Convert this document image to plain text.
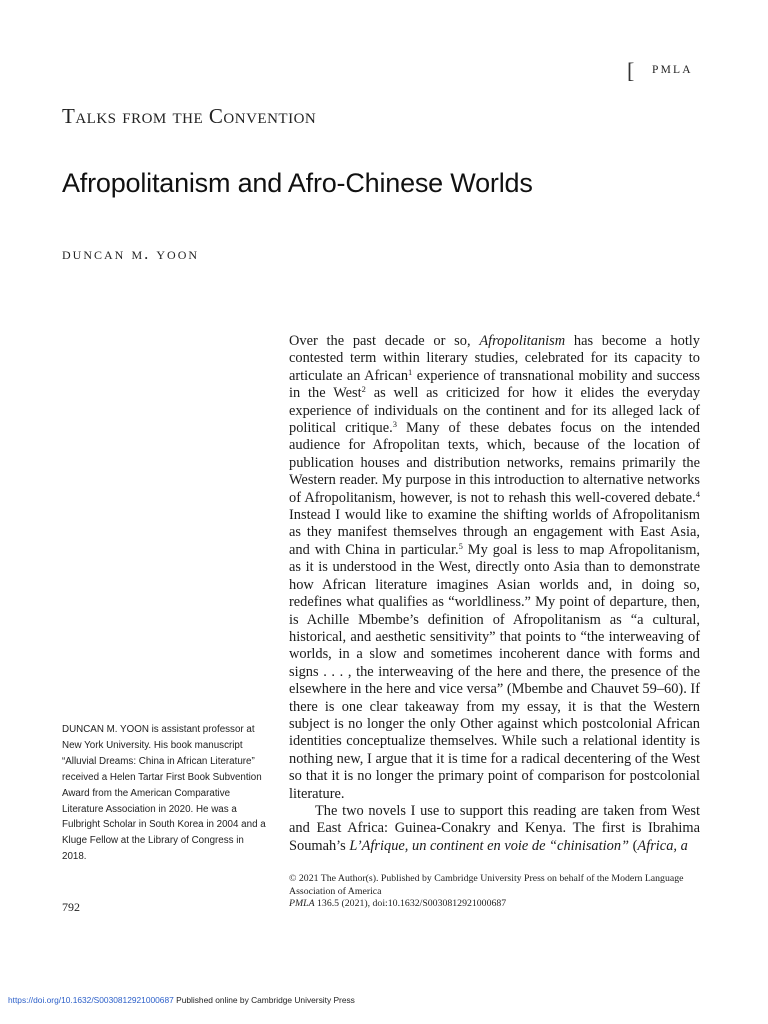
[ PMLA
Talks from the Convention
Afropolitanism and Afro-Chinese Worlds
duncan m. yoon

Over the past decade or so, Afropolitanism has become a hotly contested term within literary studies, celebrated for its capacity to articulate an African$^1$ experience of transnational mobility and success in the West$^2$ as well as criticized for how it elides the everyday experience of individuals on the continent and for its alleged lack of political critique.$^3$ Many of these debates focus on the intended audience for Afropolitan texts, which, because of the location of publication houses and distribution networks, remains primarily the Western reader. My purpose in this introduction to alternative networks of Afropolitanism, however, is not to rehash this well-covered debate.$^4$ Instead I would like to examine the shifting worlds of Afropolitanism as they manifest themselves through an engagement with East Asia, and with China in particular.$^5$ My goal is less to map Afropolitanism, as it is understood in the West, directly onto Asia than to demonstrate how African literature imagines Asian worlds and, in doing so, redefines what qualifies as “worldliness.” My point of departure, then, is Achille Mbembe’s definition of Afropolitanism as “a cultural, historical, and aesthetic sensitivity” that points to “the interweaving of worlds, in a slow and sometimes incoherent dance with forms and signs . . . , the interweaving of the here and there, the presence of the elsewhere in the here and vice versa” (Mbembe and Chauvet 59–60). If there is one clear takeaway from my essay, it is that the Western subject is no longer the only Other against which postcolonial African identities conceptualize themselves. While such a relational identity is nothing new, I argue that it is time for a radical decentering of the West so that it is no longer the primary point of comparison for postcolonial literature.

The two novels I use to support this reading are taken from West and East Africa: Guinea-Conakry and Kenya. The first is Ibrahima Soumah’s L’Afrique, un continent en voie de “chinisation” (Africa, a

DUNCAN M. YOON is assistant professor at New York University. His book manuscript “Alluvial Dreams: China in African Literature” received a Helen Tartar First Book Subvention Award from the American Comparative Literature Association in 2020. He was a Fulbright Scholar in South Korea in 2004 and a Kluge Fellow at the Library of Congress in 2018.
© 2021 The Author(s). Published by Cambridge University Press on behalf of the Modern Language Association of America
PMLA 136.5 (2021), doi:10.1632/S0030812921000687
792
https://doi.org/10.1632/S0030812921000687 Published online by Cambridge University Press
